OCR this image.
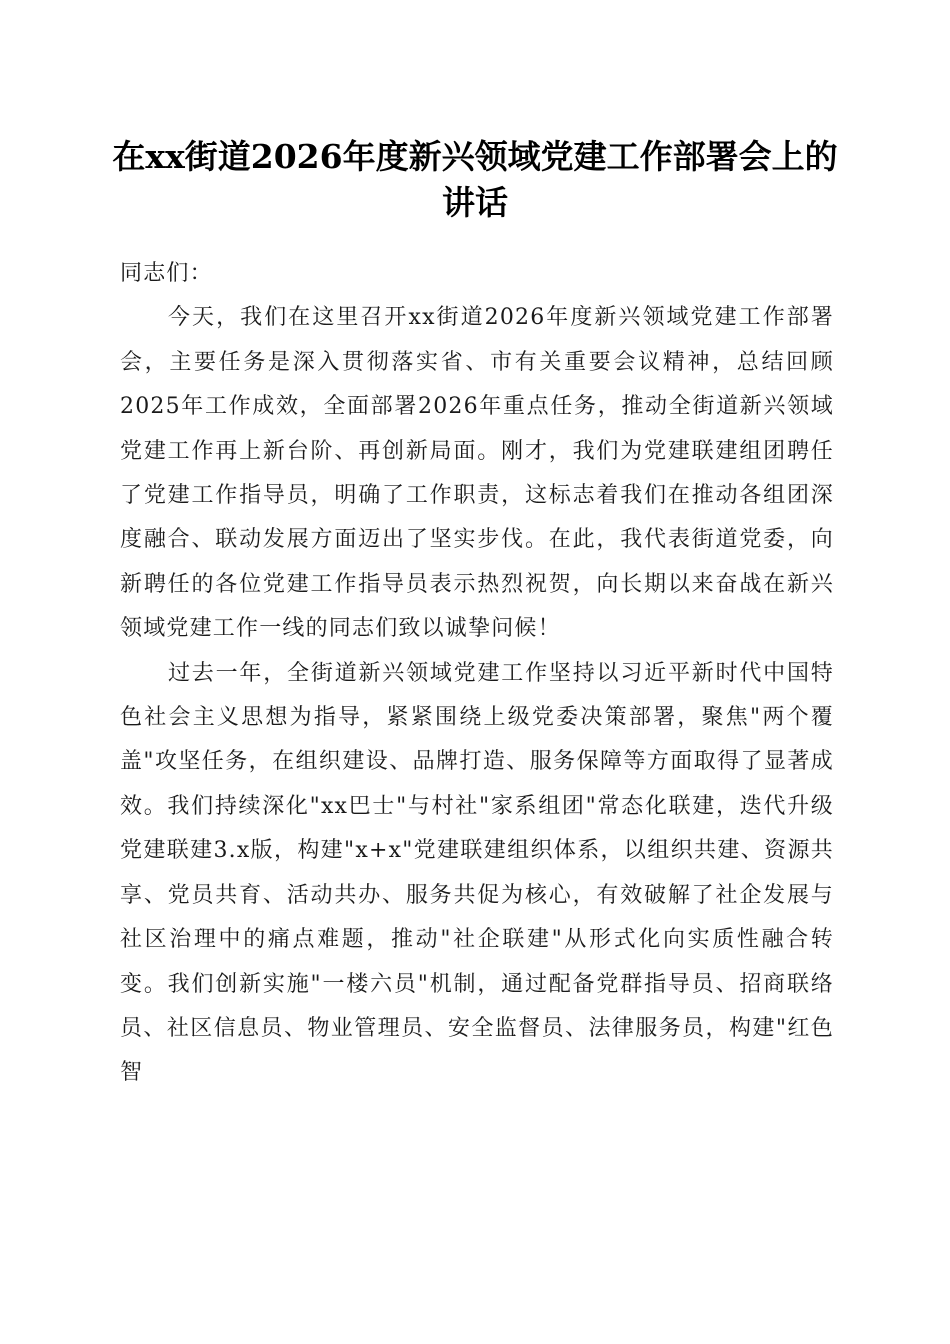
在xx街道2026年度新兴领域党建工作部署会上的讲话

同志们：

今天，我们在这里召开xx街道2026年度新兴领域党建工作部署会，主要任务是深入贯彻落实省、市有关重要会议精神，总结回顾2025年工作成效，全面部署2026年重点任务，推动全街道新兴领域党建工作再上新台阶、再创新局面。刚才，我们为党建联建组团聘任了党建工作指导员，明确了工作职责，这标志着我们在推动各组团深度融合、联动发展方面迈出了坚实步伐。在此，我代表街道党委，向新聘任的各位党建工作指导员表示热烈祝贺，向长期以来奋战在新兴领域党建工作一线的同志们致以诚挚问候！

过去一年，全街道新兴领域党建工作坚持以习近平新时代中国特色社会主义思想为指导，紧紧围绕上级党委决策部署，聚焦"两个覆盖"攻坚任务，在组织建设、品牌打造、服务保障等方面取得了显著成效。我们持续深化"xx巴士"与村社"家系组团"常态化联建，迭代升级党建联建3.x版，构建"x+x"党建联建组织体系，以组织共建、资源共享、党员共育、活动共办、服务共促为核心，有效破解了社企发展与社区治理中的痛点难题，推动"社企联建"从形式化向实质性融合转变。我们创新实施"一楼六员"机制，通过配备党群指导员、招商联络员、社区信息员、物业管理员、安全监督员、法律服务员，构建"红色智
